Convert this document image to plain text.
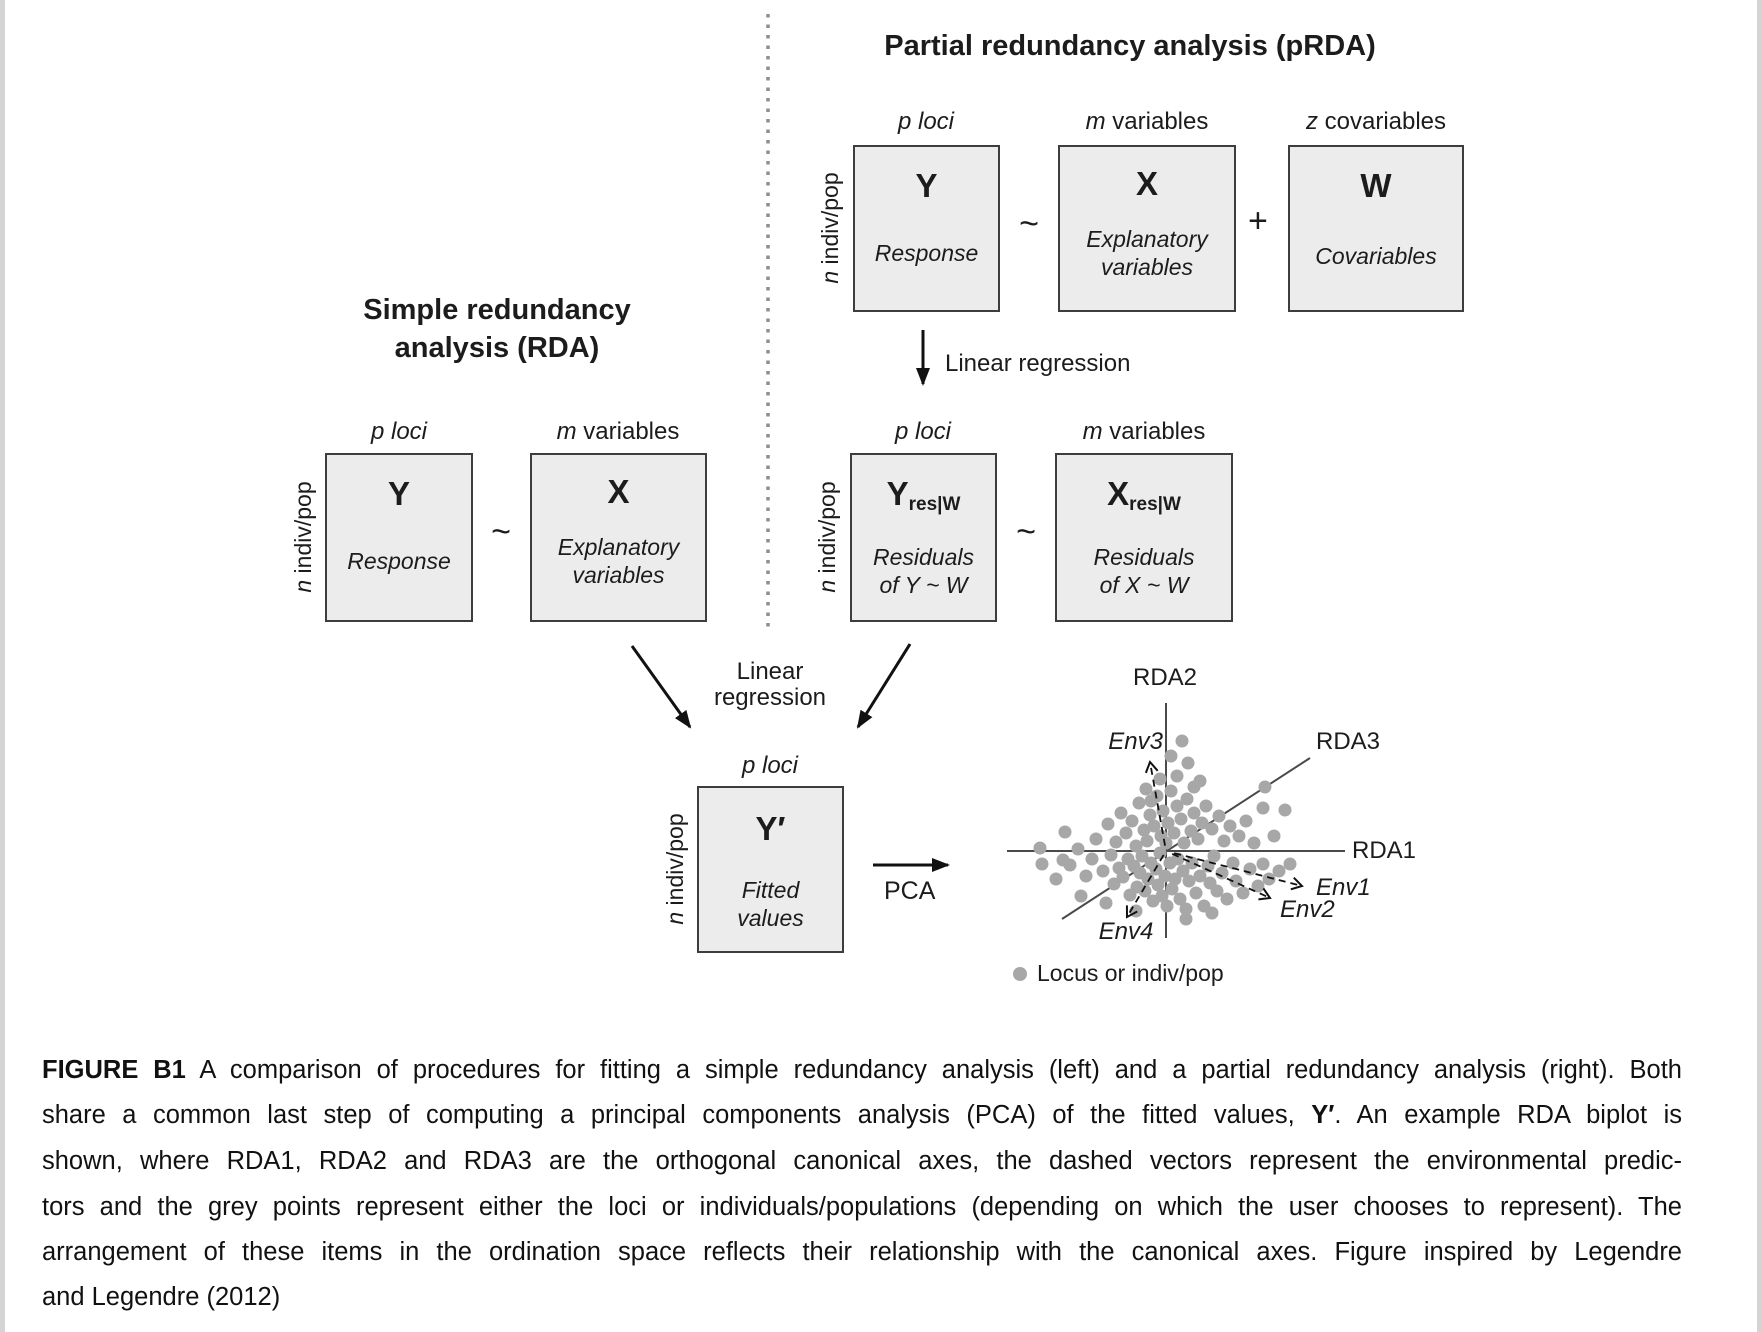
Simple redundancy
analysis (RDA)
p loci	m variables
n indiv/pop	Y
Response
~
X
Explanatory
variables
Partial redundancy analysis (pRDA)
p loci	m variables	z covariables
n indiv/pop	Y
Response
~
X
Explanatory
variables
+
W
Covariables
Linear regression
p loci	m variables
n indiv/pop	$Y_{res|W}$
Residuals
of Y ~ W
~
$X_{res|W}$
Residuals
of X ~ W
Linear
regression
p loci
n indiv/pop	Y′
Fitted
values
PCA
RDA2
RDA3
RDA1
Env3
Env1
Env2
Env4
Locus or indiv/pop
FIGURE B1 A comparison of procedures for fitting a simple redundancy analysis (left) and a partial redundancy analysis (right). Both
share a common last step of computing a principal components analysis (PCA) of the fitted values, Y′. An example RDA biplot is
shown, where RDA1, RDA2 and RDA3 are the orthogonal canonical axes, the dashed vectors represent the environmental predic-
tors and the grey points represent either the loci or individuals/populations (depending on which the user chooses to represent). The
arrangement of these items in the ordination space reflects their relationship with the canonical axes. Figure inspired by Legendre
and Legendre (2012)
